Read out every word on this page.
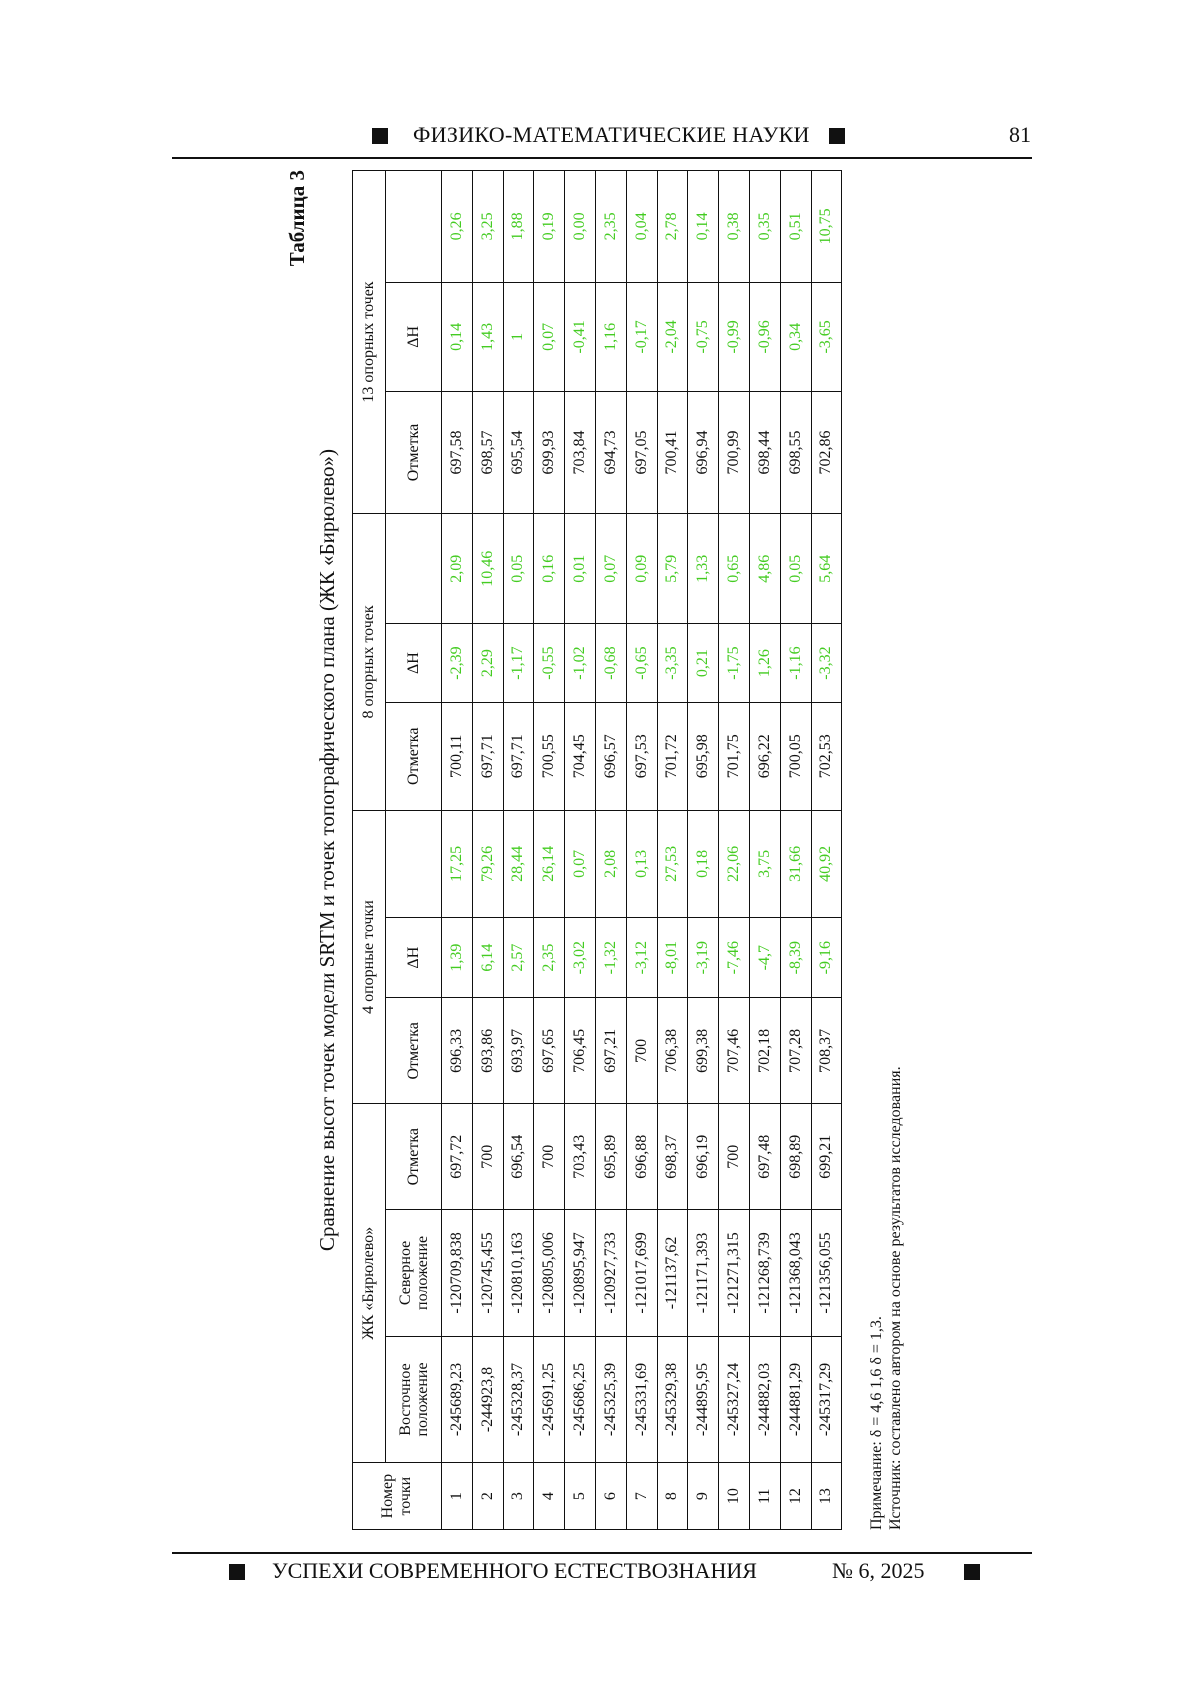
ФИЗИКО-МАТЕМАТИЧЕСКИЕ НАУКИ	81
Таблица 3
Сравнение высот точек модели SRTM и точек топографического плана (ЖК «Бирюлево»)
Номер точки	ЖК «Бирюлево»			4 опорные точки			8 опорных точек			13 опорных точек		
	Восточное положение	Северное положение	Отметка	Отметка	ΔH		Отметка	ΔH		Отметка	ΔH	
1	-245689,23	-120709,838	697,72	696,33	1,39	17,25	700,11	-2,39	2,09	697,58	0,14	0,26
2	-244923,8	-120745,455	700	693,86	6,14	79,26	697,71	2,29	10,46	698,57	1,43	3,25
3	-245328,37	-120810,163	696,54	693,97	2,57	28,44	697,71	-1,17	0,05	695,54	1	1,88
4	-245691,25	-120805,006	700	697,65	2,35	26,14	700,55	-0,55	0,16	699,93	0,07	0,19
5	-245686,25	-120895,947	703,43	706,45	-3,02	0,07	704,45	-1,02	0,01	703,84	-0,41	0,00
6	-245325,39	-120927,733	695,89	697,21	-1,32	2,08	696,57	-0,68	0,07	694,73	1,16	2,35
7	-245331,69	-121017,699	696,88	700	-3,12	0,13	697,53	-0,65	0,09	697,05	-0,17	0,04
8	-245329,38	-121137,62	698,37	706,38	-8,01	27,53	701,72	-3,35	5,79	700,41	-2,04	2,78
9	-244895,95	-121171,393	696,19	699,38	-3,19	0,18	695,98	0,21	1,33	696,94	-0,75	0,14
10	-245327,24	-121271,315	700	707,46	-7,46	22,06	701,75	-1,75	0,65	700,99	-0,99	0,38
11	-244882,03	-121268,739	697,48	702,18	-4,7	3,75	696,22	1,26	4,86	698,44	-0,96	0,35
12	-244881,29	-121368,043	698,89	707,28	-8,39	31,66	700,05	-1,16	0,05	698,55	0,34	0,51
13	-245317,29	-121356,055	699,21	708,37	-9,16	40,92	702,53	-3,32	5,64	702,86	-3,65	10,75
Примечание: δ = 4,6 1,6 δ = 1,3. Источник: составлено автором на основе результатов исследования.
УСПЕХИ СОВРЕМЕННОГО ЕСТЕСТВОЗНАНИЯ	№ 6, 2025
